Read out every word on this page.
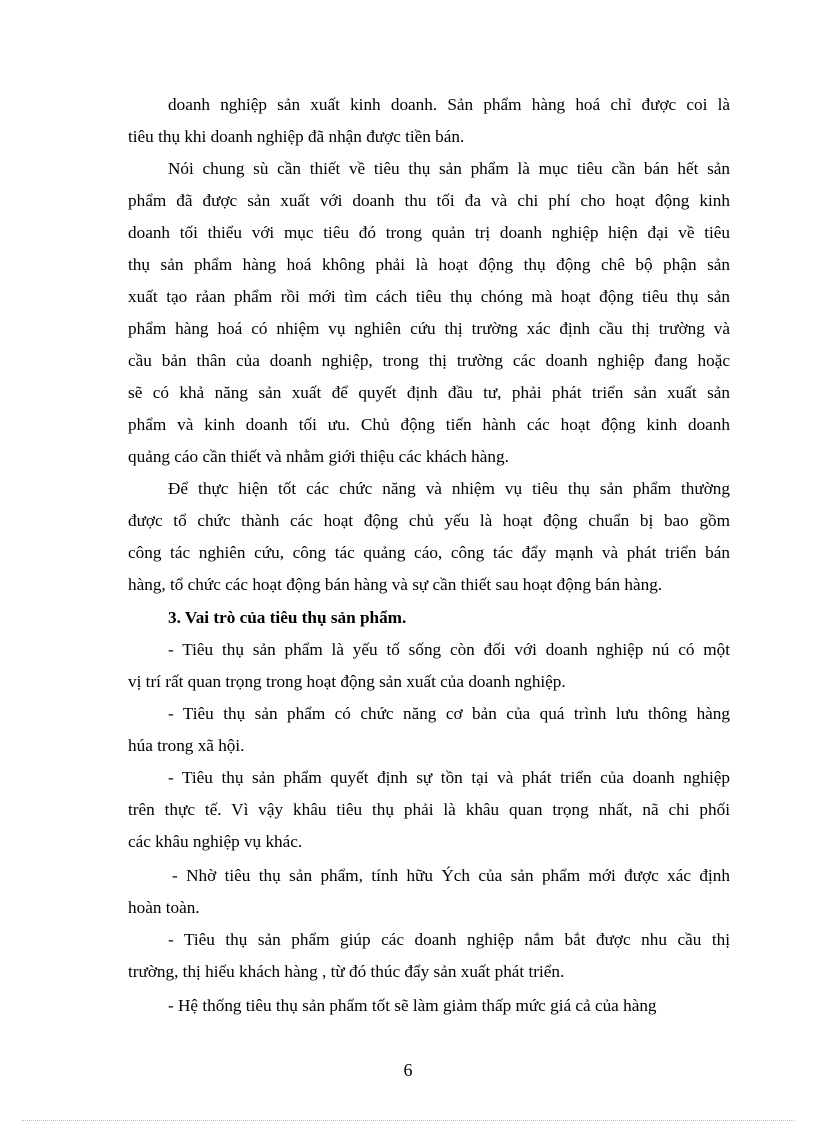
doanh nghiệp sản xuất kinh doanh. Sản phẩm hàng hoá chỉ được coi là
tiêu thụ khi doanh nghiệp đã nhận được tiền bán.
Nói chung sù cần thiết về tiêu thụ sản phẩm là mục tiêu cần bán hết sản
phẩm đã được sản xuất với doanh thu tối đa và chi phí cho hoạt động kinh
doanh tối thiểu với mục tiêu đó trong quản trị doanh nghiệp hiện đại về tiêu
thụ sản phẩm hàng hoá không phải là hoạt động thụ động chê bộ phận sản
xuất tạo rảan phẩm rồi mới tìm cách tiêu thụ chóng mà hoạt động tiêu thụ sản
phẩm hàng hoá có nhiệm vụ nghiên cứu thị trường xác định cầu thị trường và
cầu bản thân của doanh nghiệp, trong thị trường các doanh nghiệp đang hoặc
sẽ có khả năng sản xuất để quyết định đầu tư, phải phát triển sản xuất sản
phẩm và kinh doanh tối ưu. Chủ động tiến hành các hoạt động kinh doanh
quảng cáo cần thiết và nhằm giới thiệu các khách hàng.
Để thực hiện tốt các chức năng và nhiệm vụ tiêu thụ sản phẩm thường
được tổ chức thành các hoạt động chủ yếu là hoạt động chuẩn bị bao gồm
công tác nghiên cứu, công tác quảng cáo, công tác đẩy mạnh và phát triển bán
hàng, tổ chức các hoạt động bán hàng và sự cần thiết sau hoạt động bán hàng.
3. Vai trò của tiêu thụ sản phẩm.
- Tiêu thụ sản phẩm là yếu tố sống còn đối với doanh nghiệp nú có một
vị trí rất quan trọng trong hoạt động sản xuất của doanh nghiệp.
- Tiêu thụ sản phẩm có chức năng cơ bản của quá trình lưu thông hàng
húa trong xã hội.
- Tiêu thụ sản phẩm quyết định sự tồn tại và phát triển của doanh nghiệp
trên thực tế. Vì vậy khâu tiêu thụ phải là khâu quan trọng nhất, nã chi phối
các khâu nghiệp vụ khác.
- Nhờ tiêu thụ sản phẩm, tính hữu Ých của sản phẩm mới được xác định
hoàn toàn.
- Tiêu thụ sản phẩm giúp các doanh nghiệp nắm bắt được nhu cầu thị
trường, thị hiếu khách hàng , từ đó thúc đẩy sản xuất phát triển.
- Hệ thống tiêu thụ sản phẩm tốt sẽ làm giảm thấp mức giá cả của hàng
6
